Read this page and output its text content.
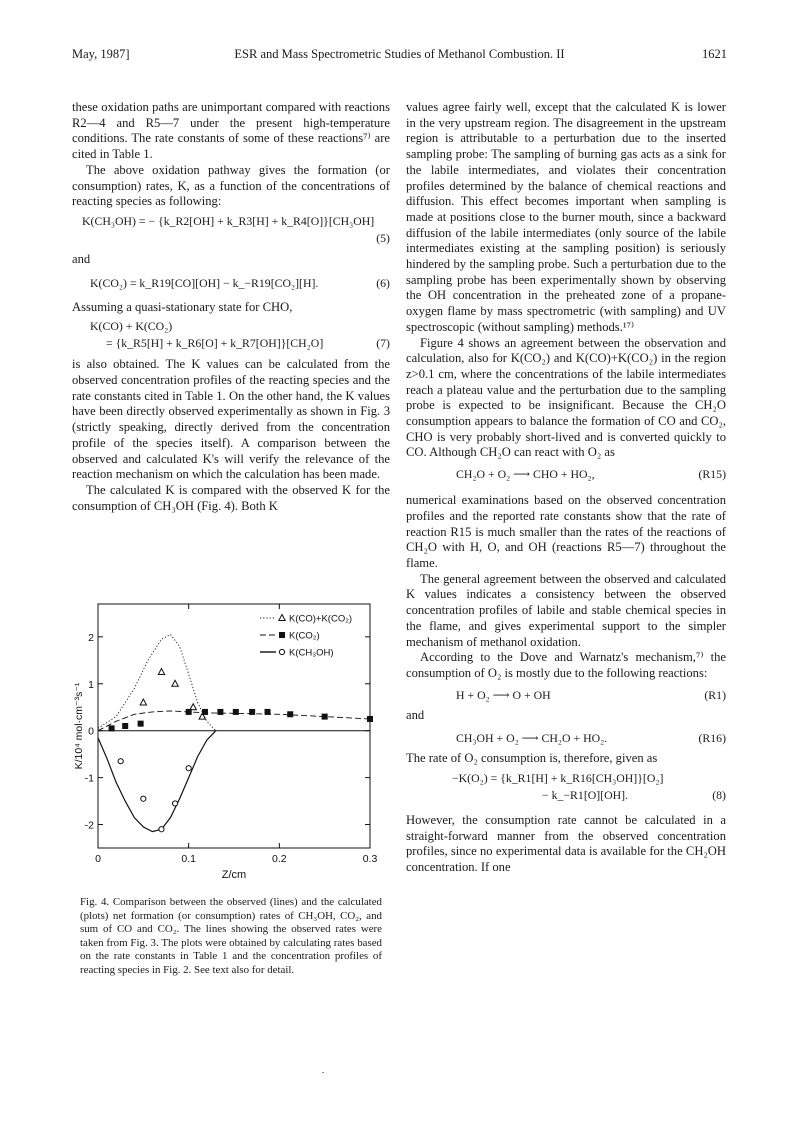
May, 1987]	ESR and Mass Spectrometric Studies of Methanol Combustion. II	1621

these oxidation paths are unimportant compared with reactions R2—4 and R5—7 under the present high-temperature conditions. The rate constants of some of these reactions⁷⁾ are cited in Table 1.

The above oxidation pathway gives the formation (or consumption) rates, K, as a function of the concentrations of reacting species as following:

K(CH₃OH) = − {k_R2[OH] + k_R3[H] + k_R4[O]}[CH₃OH]
(5)

and

K(CO₂) = k_R19[CO][OH] − k_−R19[CO₂][H].	(6)

Assuming a quasi-stationary state for CHO,

K(CO) + K(CO₂)
= {k_R5[H] + k_R6[O] + k_R7[OH]}[CH₂O]	(7)

is also obtained. The K values can be calculated from the observed concentration profiles of the reacting species and the rate constants cited in Table 1. On the other hand, the K values have been directly observed experimentally as shown in Fig. 3 (strictly speaking, directly derived from the concentration profile of the species itself). A comparison between the observed and calculated K's will verify the relevance of the reaction mechanism on which the calculation has been made.

The calculated K is compared with the observed K for the consumption of CH₃OH (Fig. 4). Both K

0	0.1	0.2	0.3
2
1
0
-1
-2
Z/cm
K/10⁴ mol·cm⁻³s⁻¹
K(CO)+K(CO₂)
K(CO₂)
K(CH₃OH)
Fig. 4. Comparison between the observed (lines) and the calculated (plots) net formation (or consumption) rates of CH₃OH, CO₂, and sum of CO and CO₂. The lines showing the observed rates were taken from Fig. 3. The plots were obtained by calculating rates based on the rate constants in Table 1 and the concentration profiles of reacting species in Fig. 2. See text also for detail.

values agree fairly well, except that the calculated K is lower in the very upstream region. The disagreement in the upstream region is attributable to a perturbation due to the inserted sampling probe: The sampling of burning gas acts as a sink for the labile intermediates, and violates their concentration profiles determined by the balance of chemical reactions and diffusion. This effect becomes important when sampling is made at positions close to the burner mouth, since a backward diffusion of the labile intermediates (only source of the labile intermediates existing at the sampling position) is seriously hindered by the sampling probe. Such a perturbation due to the sampling probe has been experimentally shown by observing the OH concentration in the preheated zone of a propane-oxygen flame by mass spectrometric (with sampling) and UV spectroscopic (without sampling) methods.¹⁷⁾

Figure 4 shows an agreement between the observation and calculation, also for K(CO₂) and K(CO)+K(CO₂) in the region z>0.1 cm, where the concentrations of the labile intermediates reach a plateau value and the perturbation due to the sampling probe is expected to be insignificant. Because the CH₂O consumption appears to balance the formation of CO and CO₂, CHO is very probably short-lived and is converted quickly to CO. Although CH₂O can react with O₂ as

CH₂O + O₂ ⟶ CHO + HO₂,	(R15)

numerical examinations based on the observed concentration profiles and the reported rate constants show that the rate of reaction R15 is much smaller than the rates of the reactions of CH₂O with H, O, and OH (reactions R5—7) throughout the flame.

The general agreement between the observed and calculated K values indicates a consistency between the observed concentration profiles of labile and stable chemical species in the flame, and gives experimental support to the simpler mechanism of methanol oxidation.

According to the Dove and Warnatz's mechanism,⁷⁾ the consumption of O₂ is mostly due to the following reactions:

H + O₂ ⟶ O + OH	(R1)

and

CH₃OH + O₂ ⟶ CH₂O + HO₂.	(R16)

The rate of O₂ consumption is, therefore, given as

−K(O₂) = {k_R1[H] + k_R16[CH₃OH]}[O₂]
− k_−R1[O][OH].	(8)

However, the consumption rate cannot be calculated in a straight-forward manner from the observed concentration profiles, since no experimental data is available for the CH₂OH concentration. If one
